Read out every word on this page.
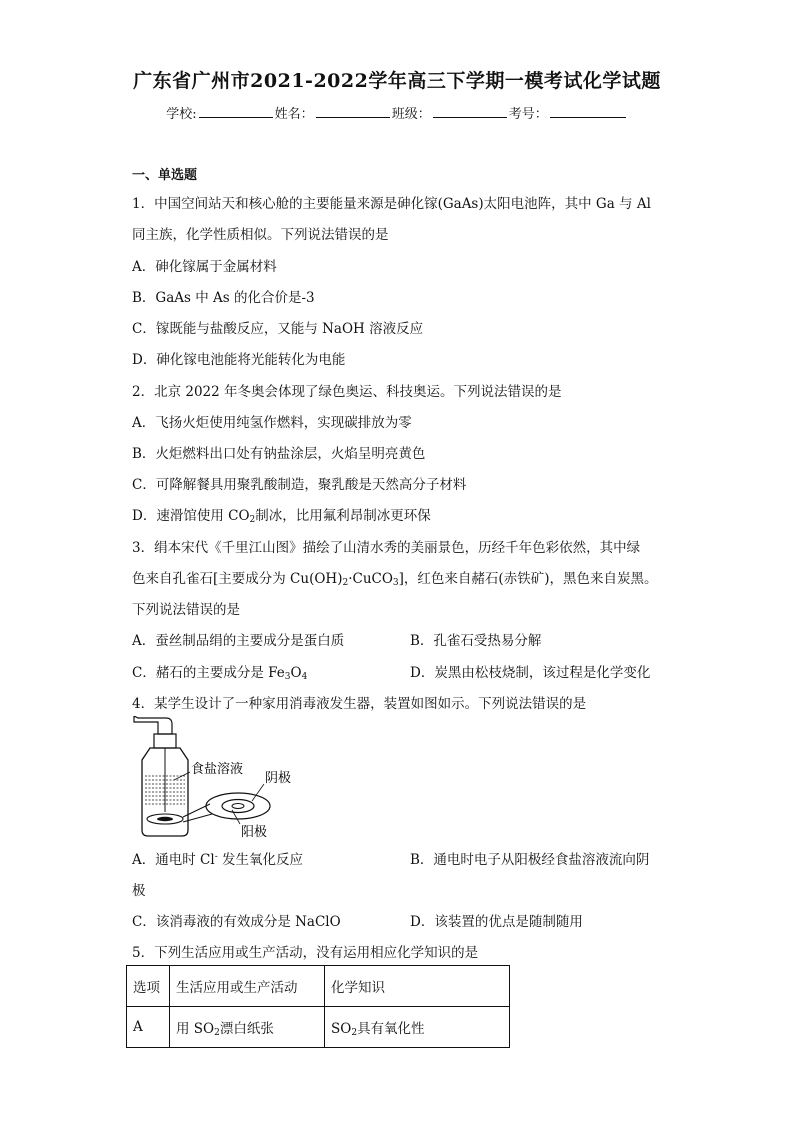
广东省广州市2021-2022学年高三下学期一模考试化学试题
学校:	姓名：	班级：	考号：
一、单选题
1．中国空间站天和核心舱的主要能量来源是砷化镓(GaAs)太阳电池阵，其中 Ga 与 Al
同主族，化学性质相似。下列说法错误的是
A．砷化镓属于金属材料
B．GaAs 中 As 的化合价是-3
C．镓既能与盐酸反应，又能与 NaOH 溶液反应
D．砷化镓电池能将光能转化为电能
2．北京 2022 年冬奥会体现了绿色奥运、科技奥运。下列说法错误的是
A．飞扬火炬使用纯氢作燃料，实现碳排放为零
B．火炬燃料出口处有钠盐涂层，火焰呈明亮黄色
C．可降解餐具用聚乳酸制造，聚乳酸是天然高分子材料
D．速滑馆使用 $CO_2$制冰，比用氟利昂制冰更环保
3．绢本宋代《千里江山图》描绘了山清水秀的美丽景色，历经千年色彩依然，其中绿
色来自孔雀石[主要成分为 $Cu(OH)_2\cdot CuCO_3$]，红色来自赭石(赤铁矿)，黑色来自炭黑。
下列说法错误的是
A．蚕丝制品绢的主要成分是蛋白质	B．孔雀石受热易分解
C．赭石的主要成分是 $Fe_3O_4$	D．炭黑由松枝烧制，该过程是化学变化
4．某学生设计了一种家用消毒液发生器，装置如图如示。下列说法错误的是
食盐溶液
阴极
阳极
A．通电时 Cl- 发生氧化反应	B．通电时电子从阳极经食盐溶液流向阴
极
C．该消毒液的有效成分是 NaClO	D．该装置的优点是随制随用
5．下列生活应用或生产活动，没有运用相应化学知识的是
选项	生活应用或生产活动	化学知识
A	用 $SO_2$漂白纸张	$SO_2$具有氧化性
